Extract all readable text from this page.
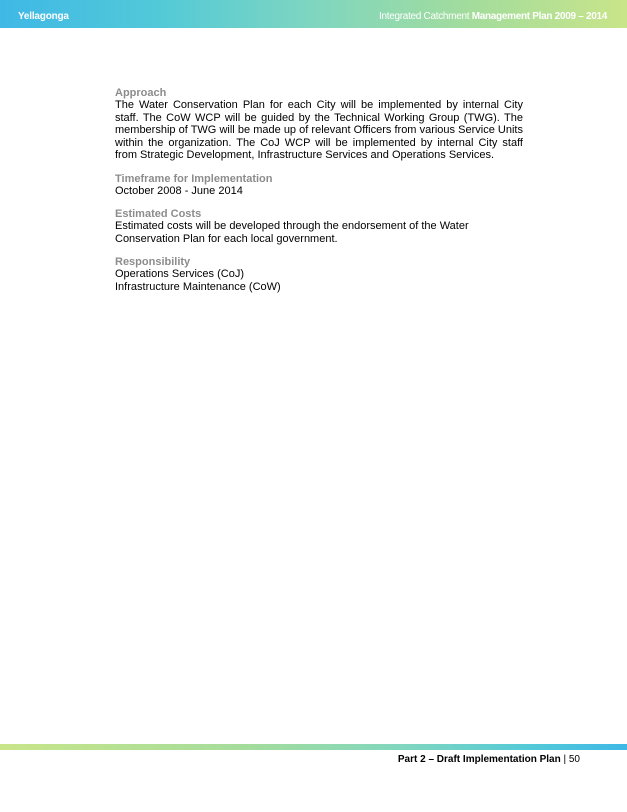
Yellagonga	Integrated Catchment Management Plan 2009 – 2014
Approach

The Water Conservation Plan for each City will be implemented by internal City staff. The CoW WCP will be guided by the Technical Working Group (TWG). The membership of TWG will be made up of relevant Officers from various Service Units within the organization. The CoJ WCP will be implemented by internal City staff from Strategic Development, Infrastructure Services and Operations Services.

Timeframe for Implementation

October 2008 - June 2014

Estimated Costs

Estimated costs will be developed through the endorsement of the Water Conservation Plan for each local government.

Responsibility

Operations Services (CoJ)

Infrastructure Maintenance (CoW)

Part 2 – Draft Implementation Plan | 50
